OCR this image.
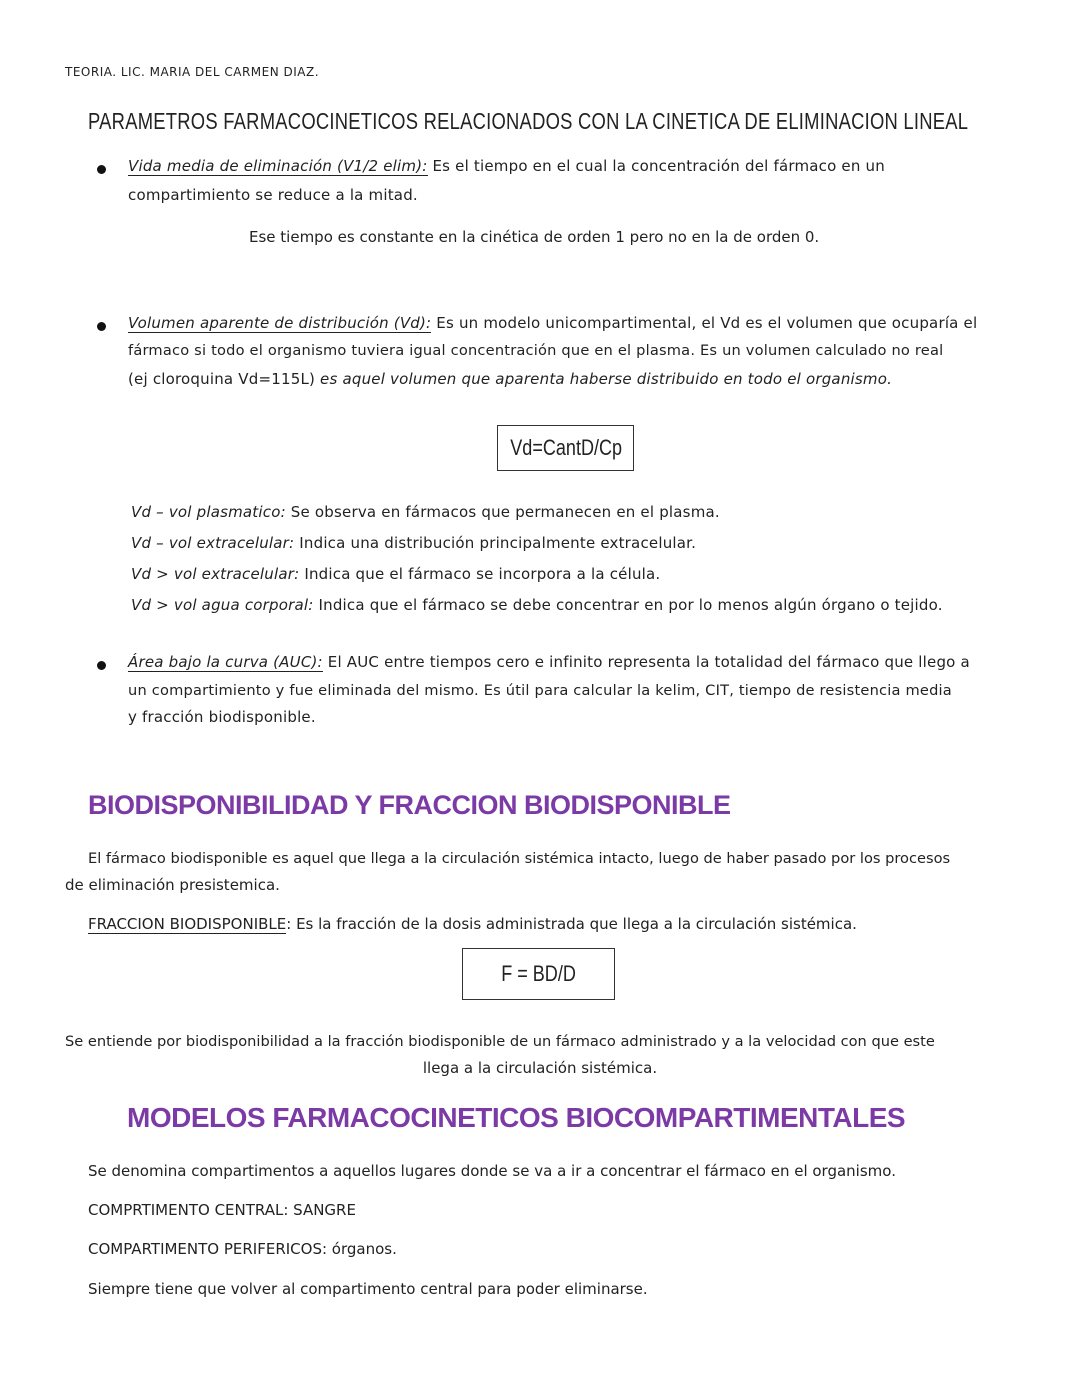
TEORIA. LIC. MARIA DEL CARMEN DIAZ.
PARAMETROS FARMACOCINETICOS RELACIONADOS CON LA CINETICA DE ELIMINACION LINEAL
Vida media de eliminación (V1/2 elim): Es el tiempo en el cual la concentración del fármaco en un
compartimiento se reduce a la mitad.
Ese tiempo es constante en la cinética de orden 1 pero no en la de orden 0.
Volumen aparente de distribución (Vd): Es un modelo unicompartimental, el Vd es el volumen que ocuparía el
fármaco si todo el organismo tuviera igual concentración que en el plasma. Es un volumen calculado no real
(ej cloroquina Vd=115L) es aquel volumen que aparenta haberse distribuido en todo el organismo.
Vd=CantD/Cp
Vd – vol plasmatico: Se observa en fármacos que permanecen en el plasma.
Vd – vol extracelular: Indica una distribución principalmente extracelular.
Vd > vol extracelular: Indica que el fármaco se incorpora a la célula.
Vd > vol agua corporal: Indica que el fármaco se debe concentrar en por lo menos algún órgano o tejido.
Área bajo la curva (AUC): El AUC entre tiempos cero e infinito representa la totalidad del fármaco que llego a
un compartimiento y fue eliminada del mismo. Es útil para calcular la kelim, CIT, tiempo de resistencia media
y fracción biodisponible.
BIODISPONIBILIDAD Y FRACCION BIODISPONIBLE
El fármaco biodisponible es aquel que llega a la circulación sistémica intacto, luego de haber pasado por los procesos
de eliminación presistemica.
FRACCION BIODISPONIBLE: Es la fracción de la dosis administrada que llega a la circulación sistémica.
F = BD/D
Se entiende por biodisponibilidad a la fracción biodisponible de un fármaco administrado y a la velocidad con que este
llega a la circulación sistémica.
MODELOS FARMACOCINETICOS BIOCOMPARTIMENTALES
Se denomina compartimentos a aquellos lugares donde se va a ir a concentrar el fármaco en el organismo.
COMPRTIMENTO CENTRAL: SANGRE
COMPARTIMENTO PERIFERICOS: órganos.
Siempre tiene que volver al compartimento central para poder eliminarse.
